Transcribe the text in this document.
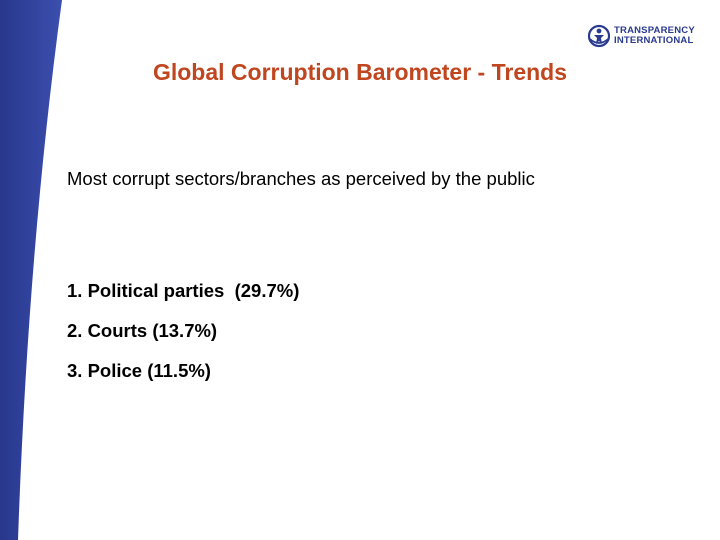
TRANSPARENCY
INTERNATIONAL
Global Corruption Barometer - Trends
Most corrupt sectors/branches as perceived by the public
1. Political parties  (29.7%)
2. Courts (13.7%)
3. Police (11.5%)
